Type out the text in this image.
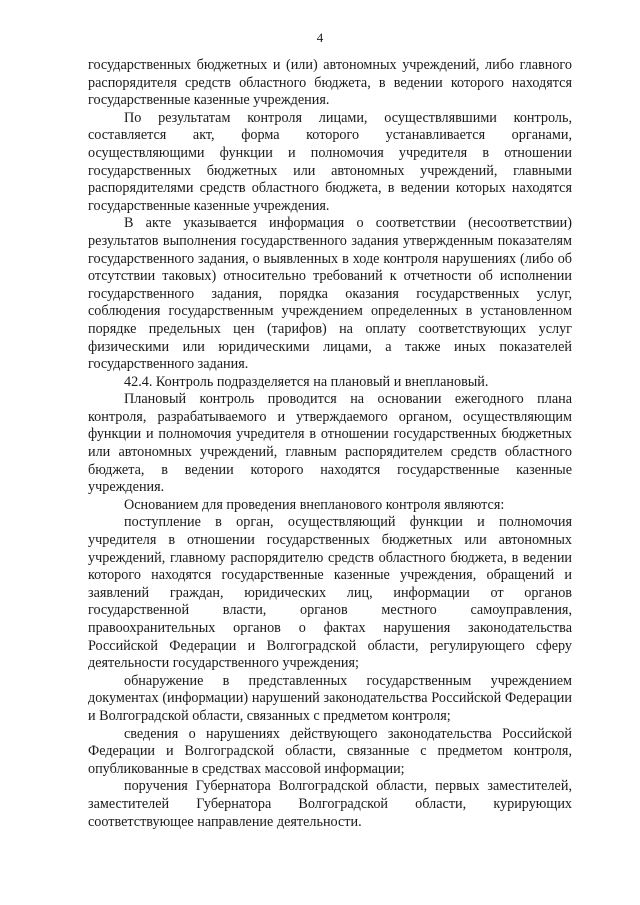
4

государственных бюджетных и (или) автономных учреждений, либо главного распорядителя средств областного бюджета, в ведении которого находятся государственные казенные учреждения.

По результатам контроля лицами, осуществлявшими контроль, составляется акт, форма которого устанавливается органами, осуществляющими функции и полномочия учредителя в отношении государственных бюджетных или автономных учреждений, главными распорядителями средств областного бюджета, в ведении которых находятся государственные казенные учреждения.

В акте указывается информация о соответствии (несоответствии) результатов выполнения государственного задания утвержденным показателям государственного задания, о выявленных в ходе контроля нарушениях (либо об отсутствии таковых) относительно требований к отчетности об исполнении государственного задания, порядка оказания государственных услуг, соблюдения государственным учреждением определенных в установленном порядке предельных цен (тарифов) на оплату соответствующих услуг физическими или юридическими лицами, а также иных показателей государственного задания.

42.4. Контроль подразделяется на плановый и внеплановый.

Плановый контроль проводится на основании ежегодного плана контроля, разрабатываемого и утверждаемого органом, осуществляющим функции и полномочия учредителя в отношении государственных бюджетных или автономных учреждений, главным распорядителем средств областного бюджета, в ведении которого находятся государственные казенные учреждения.

Основанием для проведения внепланового контроля являются:

поступление в орган, осуществляющий функции и полномочия учредителя в отношении государственных бюджетных или автономных учреждений, главному распорядителю средств областного бюджета, в ведении которого находятся государственные казенные учреждения, обращений и заявлений граждан, юридических лиц, информации от органов государственной власти, органов местного самоуправления, правоохранительных органов о фактах нарушения законодательства Российской Федерации и Волгоградской области, регулирующего сферу деятельности государственного учреждения;

обнаружение в представленных государственным учреждением документах (информации) нарушений законодательства Российской Федерации и Волгоградской области, связанных с предметом контроля;

сведения о нарушениях действующего законодательства Российской Федерации и Волгоградской области, связанные с предметом контроля, опубликованные в средствах массовой информации;

поручения Губернатора Волгоградской области, первых заместителей, заместителей Губернатора Волгоградской области, курирующих соответствующее направление деятельности.
